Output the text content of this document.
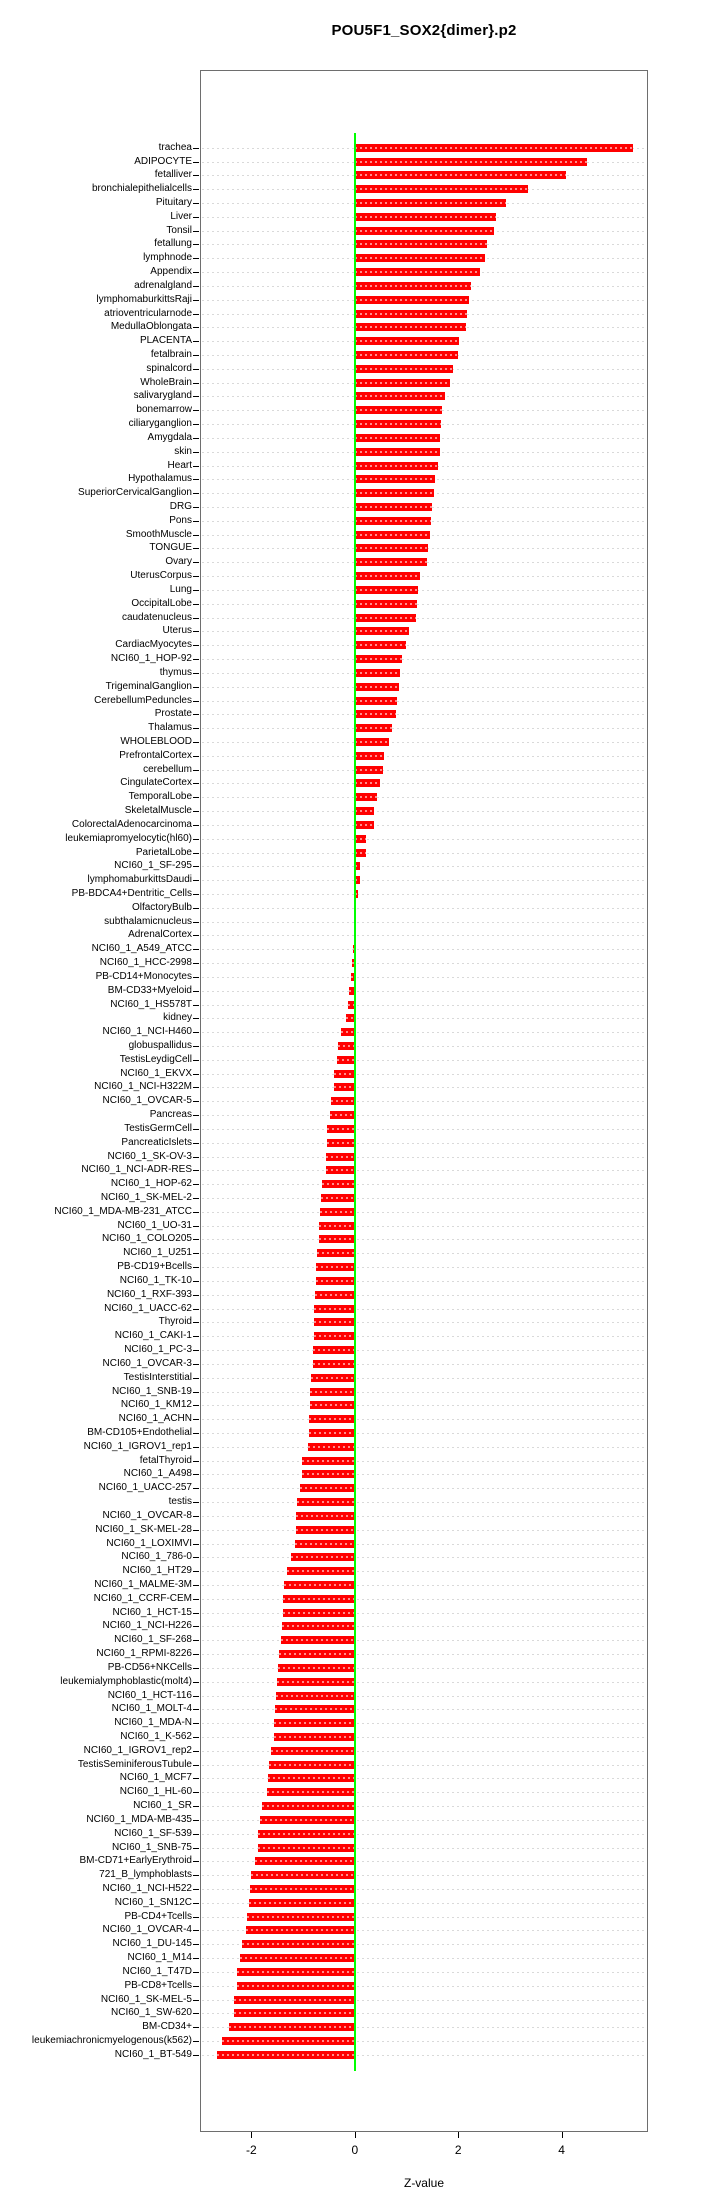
POU5F1_SOX2{dimer}.p2
trachea
ADIPOCYTE
fetalliver
bronchialepithelialcells
Pituitary
Liver
Tonsil
fetallung
lymphnode
Appendix
adrenalgland
lymphomaburkittsRaji
atrioventricularnode
MedullaOblongata
PLACENTA
fetalbrain
spinalcord
WholeBrain
salivarygland
bonemarrow
ciliaryganglion
Amygdala
skin
Heart
Hypothalamus
SuperiorCervicalGanglion
DRG
Pons
SmoothMuscle
TONGUE
Ovary
UterusCorpus
Lung
OccipitalLobe
caudatenucleus
Uterus
CardiacMyocytes
NCI60_1_HOP-92
thymus
TrigeminalGanglion
CerebellumPeduncles
Prostate
Thalamus
WHOLEBLOOD
PrefrontalCortex
cerebellum
CingulateCortex
TemporalLobe
SkeletalMuscle
ColorectalAdenocarcinoma
leukemiapromyelocytic(hl60)
ParietalLobe
NCI60_1_SF-295
lymphomaburkittsDaudi
PB-BDCA4+Dentritic_Cells
OlfactoryBulb
subthalamicnucleus
AdrenalCortex
NCI60_1_A549_ATCC
NCI60_1_HCC-2998
PB-CD14+Monocytes
BM-CD33+Myeloid
NCI60_1_HS578T
kidney
NCI60_1_NCI-H460
globuspallidus
TestisLeydigCell
NCI60_1_EKVX
NCI60_1_NCI-H322M
NCI60_1_OVCAR-5
Pancreas
TestisGermCell
PancreaticIslets
NCI60_1_SK-OV-3
NCI60_1_NCI-ADR-RES
NCI60_1_HOP-62
NCI60_1_SK-MEL-2
NCI60_1_MDA-MB-231_ATCC
NCI60_1_UO-31
NCI60_1_COLO205
NCI60_1_U251
PB-CD19+Bcells
NCI60_1_TK-10
NCI60_1_RXF-393
NCI60_1_UACC-62
Thyroid
NCI60_1_CAKI-1
NCI60_1_PC-3
NCI60_1_OVCAR-3
TestisInterstitial
NCI60_1_SNB-19
NCI60_1_KM12
NCI60_1_ACHN
BM-CD105+Endothelial
NCI60_1_IGROV1_rep1
fetalThyroid
NCI60_1_A498
NCI60_1_UACC-257
testis
NCI60_1_OVCAR-8
NCI60_1_SK-MEL-28
NCI60_1_LOXIMVI
NCI60_1_786-0
NCI60_1_HT29
NCI60_1_MALME-3M
NCI60_1_CCRF-CEM
NCI60_1_HCT-15
NCI60_1_NCI-H226
NCI60_1_SF-268
NCI60_1_RPMI-8226
PB-CD56+NKCells
leukemialymphoblastic(molt4)
NCI60_1_HCT-116
NCI60_1_MOLT-4
NCI60_1_MDA-N
NCI60_1_K-562
NCI60_1_IGROV1_rep2
TestisSeminiferousTubule
NCI60_1_MCF7
NCI60_1_HL-60
NCI60_1_SR
NCI60_1_MDA-MB-435
NCI60_1_SF-539
NCI60_1_SNB-75
BM-CD71+EarlyErythroid
721_B_lymphoblasts
NCI60_1_NCI-H522
NCI60_1_SN12C
PB-CD4+Tcells
NCI60_1_OVCAR-4
NCI60_1_DU-145
NCI60_1_M14
NCI60_1_T47D
PB-CD8+Tcells
NCI60_1_SK-MEL-5
NCI60_1_SW-620
BM-CD34+
leukemiachronicmyelogenous(k562)
NCI60_1_BT-549
-2	0	2	4
Z-value
